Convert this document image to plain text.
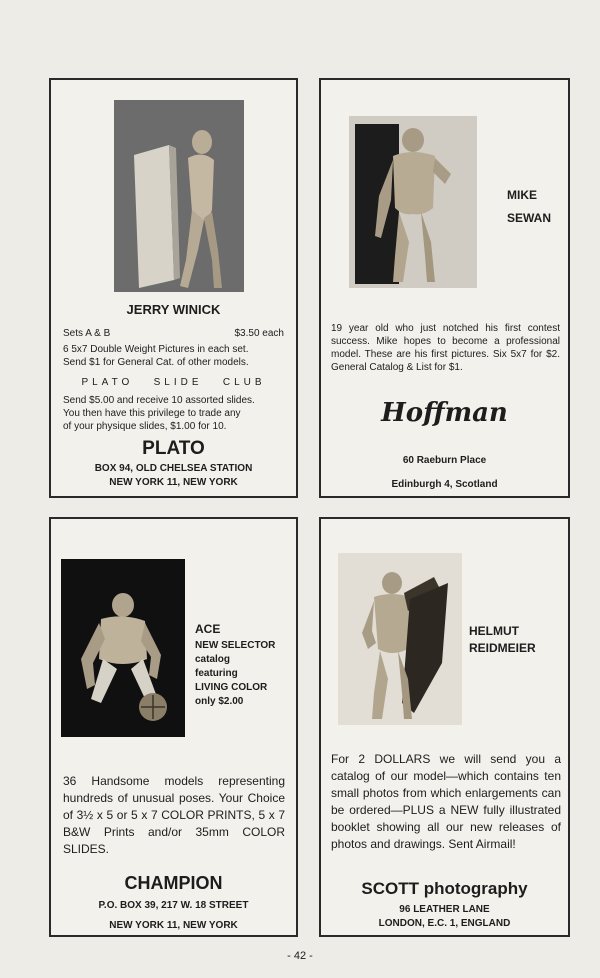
JERRY WINICK
Sets A & B	$3.50 each
6 5x7 Double Weight Pictures in each set.
Send $1 for General Cat. of other models.
PLATO   SLIDE   CLUB
Send $5.00 and receive 10 assorted slides.
You then have this privilege to trade any
of your physique slides, $1.00 for 10.
PLATO
BOX 94, OLD CHELSEA STATION
NEW YORK 11, NEW YORK
MIKE
SEWAN
19 year old who just notched his first contest success. Mike hopes to become a professional model. These are his first pictures. Six 5x7 for $2. General Catalog & List for $1.
Hoffman
60 Raeburn Place
Edinburgh 4, Scotland
ACE
NEW SELECTOR
catalog
featuring
LIVING COLOR
only $2.00
36 Handsome models representing hundreds of unusual poses. Your Choice of 3½ x 5 or 5 x 7 COLOR PRINTS, 5 x 7 B&W Prints and/or 35mm COLOR SLIDES.
CHAMPION
P.O. BOX 39, 217 W. 18 STREET
NEW YORK 11, NEW YORK
HELMUT
REIDMEIER
For 2 DOLLARS we will send you a catalog of our model—which contains ten small photos from which enlargements can be ordered—PLUS a NEW fully illustrated booklet showing all our new releases of photos and drawings. Sent Airmail!
SCOTT photography
96 LEATHER LANE
LONDON, E.C. 1, ENGLAND
- 42 -
